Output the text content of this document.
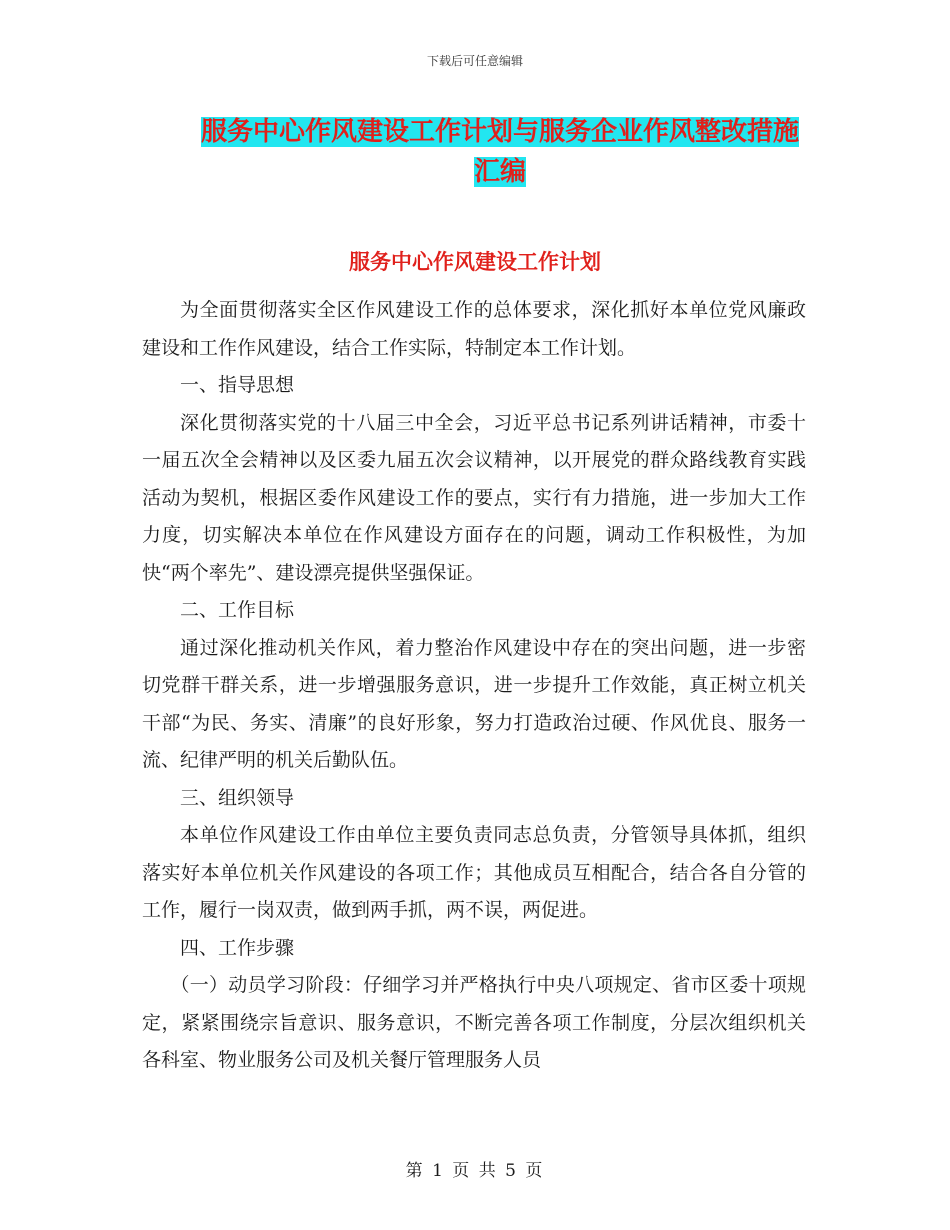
下载后可任意编辑
服务中心作风建设工作计划与服务企业作风整改措施
汇编
服务中心作风建设工作计划

为全面贯彻落实全区作风建设工作的总体要求，深化抓好本单位党风廉政建设和工作作风建设，结合工作实际，特制定本工作计划。

一、指导思想

深化贯彻落实党的十八届三中全会，习近平总书记系列讲话精神，市委十一届五次全会精神以及区委九届五次会议精神，以开展党的群众路线教育实践活动为契机，根据区委作风建设工作的要点，实行有力措施，进一步加大工作力度，切实解决本单位在作风建设方面存在的问题，调动工作积极性，为加快“两个率先”、建设漂亮提供坚强保证。

二、工作目标

通过深化推动机关作风，着力整治作风建设中存在的突出问题，进一步密切党群干群关系，进一步增强服务意识，进一步提升工作效能，真正树立机关干部“为民、务实、清廉”的良好形象，努力打造政治过硬、作风优良、服务一流、纪律严明的机关后勤队伍。

三、组织领导

本单位作风建设工作由单位主要负责同志总负责，分管领导具体抓，组织落实好本单位机关作风建设的各项工作；其他成员互相配合，结合各自分管的工作，履行一岗双责，做到两手抓，两不误，两促进。

四、工作步骤

（一）动员学习阶段：仔细学习并严格执行中央八项规定、省市区委十项规定，紧紧围绕宗旨意识、服务意识，不断完善各项工作制度，分层次组织机关各科室、物业服务公司及机关餐厅管理服务人员

第 1 页 共 5 页
